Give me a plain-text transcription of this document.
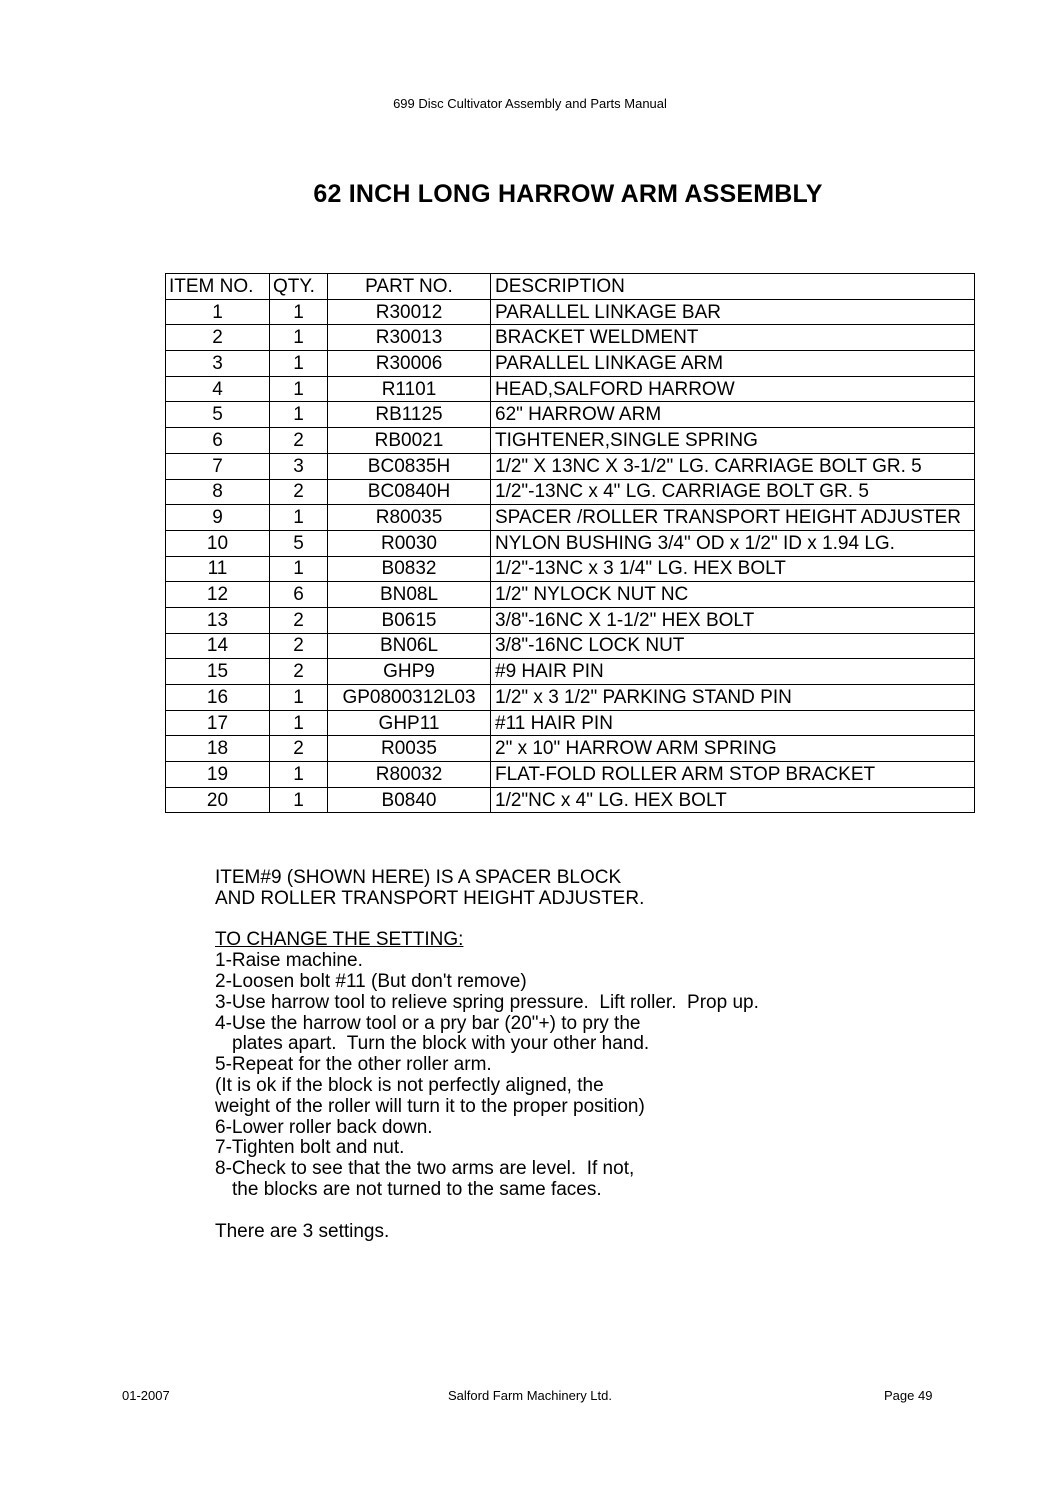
699 Disc Cultivator Assembly and Parts Manual
62 INCH LONG HARROW ARM ASSEMBLY
ITEM NO.	QTY.	PART NO.	DESCRIPTION
1	1	R30012	PARALLEL LINKAGE BAR
2	1	R30013	BRACKET WELDMENT
3	1	R30006	PARALLEL LINKAGE ARM
4	1	R1101	HEAD,SALFORD HARROW
5	1	RB1125	62" HARROW ARM
6	2	RB0021	TIGHTENER,SINGLE SPRING
7	3	BC0835H	1/2" X 13NC X 3-1/2" LG. CARRIAGE BOLT GR. 5
8	2	BC0840H	1/2"-13NC x 4" LG. CARRIAGE BOLT GR. 5
9	1	R80035	SPACER /ROLLER TRANSPORT HEIGHT ADJUSTER
10	5	R0030	NYLON BUSHING 3/4" OD x 1/2" ID x 1.94 LG.
11	1	B0832	1/2"-13NC x 3 1/4" LG. HEX BOLT
12	6	BN08L	1/2" NYLOCK NUT NC
13	2	B0615	3/8"-16NC X 1-1/2" HEX BOLT
14	2	BN06L	3/8"-16NC LOCK NUT
15	2	GHP9	#9 HAIR PIN
16	1	GP0800312L03	1/2" x 3 1/2" PARKING STAND PIN
17	1	GHP11	#11 HAIR PIN
18	2	R0035	2" x 10" HARROW ARM SPRING
19	1	R80032	FLAT-FOLD ROLLER ARM STOP BRACKET
20	1	B0840	1/2"NC x 4" LG. HEX BOLT

ITEM#9 (SHOWN HERE) IS A SPACER BLOCK

AND ROLLER TRANSPORT HEIGHT ADJUSTER.

TO CHANGE THE SETTING:

1-Raise machine.

2-Loosen bolt #11 (But don't remove)

3-Use harrow tool to relieve spring pressure.  Lift roller.  Prop up.

4-Use the harrow tool or a pry bar (20"+) to pry the

plates apart.  Turn the block with your other hand.

5-Repeat for the other roller arm.

(It is ok if the block is not perfectly aligned, the

weight of the roller will turn it to the proper position)

6-Lower roller back down.

7-Tighten bolt and nut.

8-Check to see that the two arms are level.  If not,

the blocks are not turned to the same faces.

There are 3 settings.

01-2007	Salford Farm Machinery Ltd.	Page 49
